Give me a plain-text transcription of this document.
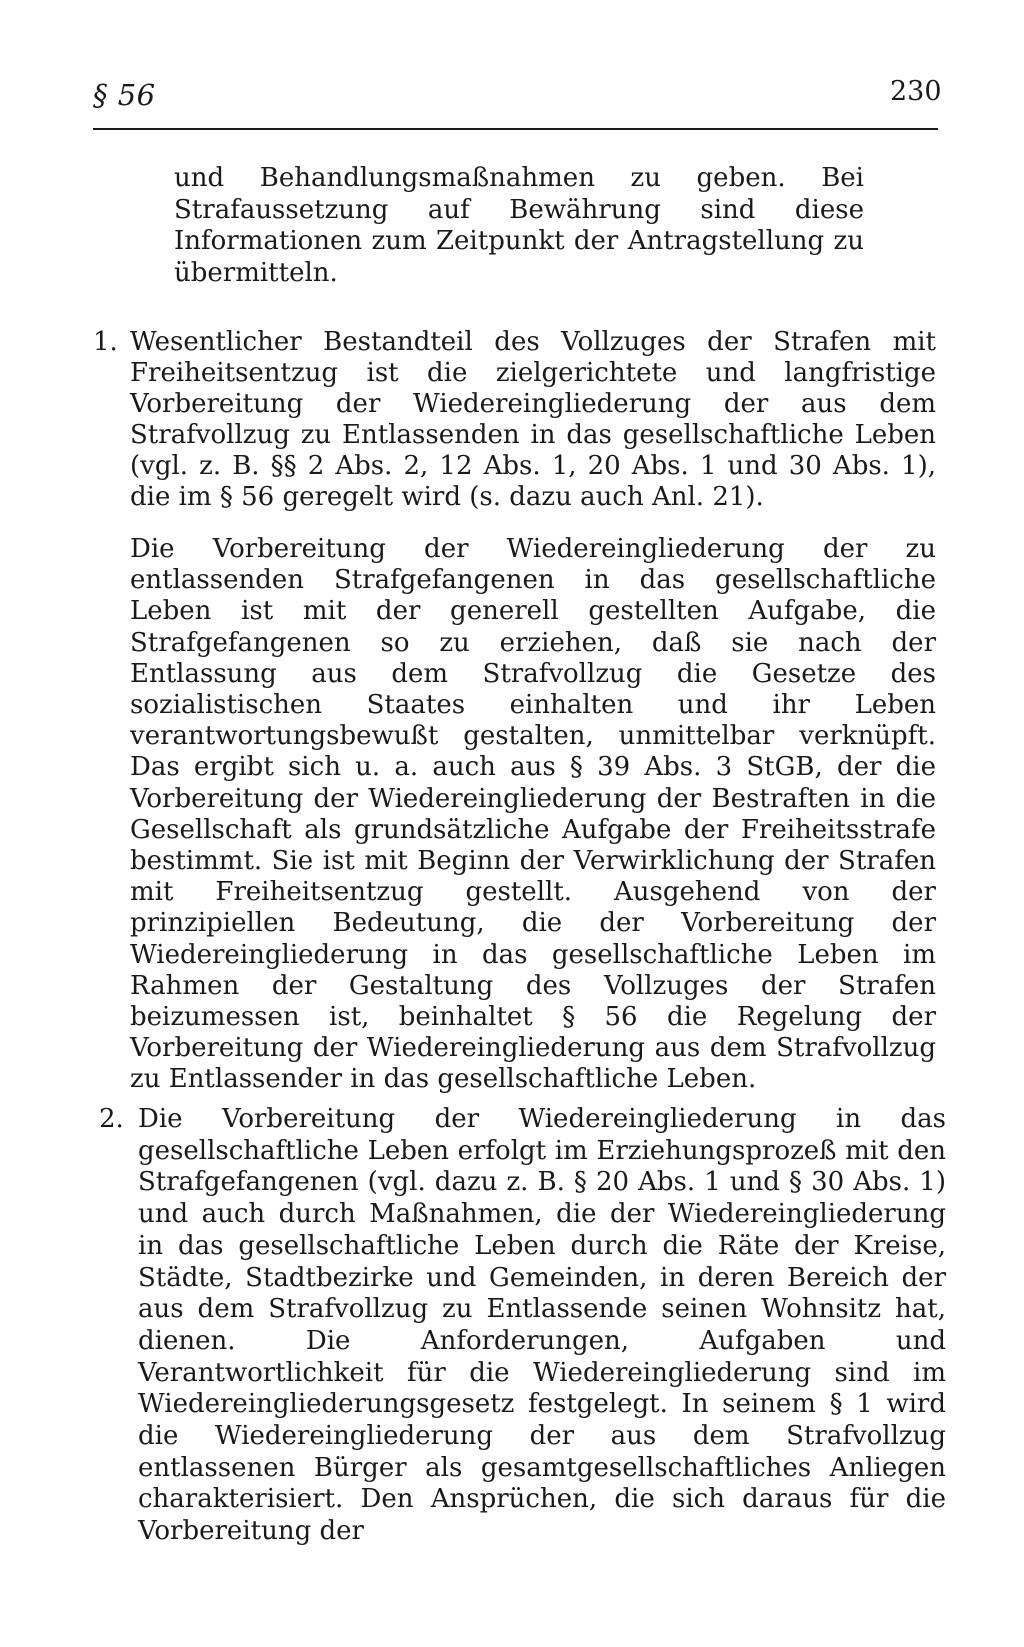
§ 56	230

und Behandlungsmaßnahmen zu geben. Bei Strafaussetzung auf Bewährung sind diese Informationen zum Zeitpunkt der Antragstellung zu übermitteln.

1. Wesentlicher Bestandteil des Vollzuges der Strafen mit Freiheitsentzug ist die zielgerichtete und langfristige Vorbereitung der Wiedereingliederung der aus dem Strafvollzug zu Entlassenden in das gesellschaftliche Leben (vgl. z. B. §§ 2 Abs. 2, 12 Abs. 1, 20 Abs. 1 und 30 Abs. 1), die im § 56 geregelt wird (s. dazu auch Anl. 21).

Die Vorbereitung der Wiedereingliederung der zu entlassenden Strafgefangenen in das gesellschaftliche Leben ist mit der generell gestellten Aufgabe, die Strafgefangenen so zu erziehen, daß sie nach der Entlassung aus dem Strafvollzug die Gesetze des sozialistischen Staates einhalten und ihr Leben verantwortungsbewußt gestalten, unmittelbar verknüpft. Das ergibt sich u. a. auch aus § 39 Abs. 3 StGB, der die Vorbereitung der Wiedereingliederung der Bestraften in die Gesellschaft als grundsätzliche Aufgabe der Freiheitsstrafe bestimmt. Sie ist mit Beginn der Verwirklichung der Strafen mit Freiheitsentzug gestellt. Ausgehend von der prinzipiellen Bedeutung, die der Vorbereitung der Wiedereingliederung in das gesellschaftliche Leben im Rahmen der Gestaltung des Vollzuges der Strafen beizumessen ist, beinhaltet § 56 die Regelung der Vorbereitung der Wiedereingliederung aus dem Strafvollzug zu Entlassender in das gesellschaftliche Leben.

2. Die Vorbereitung der Wiedereingliederung in das gesellschaftliche Leben erfolgt im Erziehungsprozeß mit den Strafgefangenen (vgl. dazu z. B. § 20 Abs. 1 und § 30 Abs. 1) und auch durch Maßnahmen, die der Wiedereingliederung in das gesellschaftliche Leben durch die Räte der Kreise, Städte, Stadtbezirke und Gemeinden, in deren Bereich der aus dem Strafvollzug zu Entlassende seinen Wohnsitz hat, dienen. Die Anforderungen, Aufgaben und Verantwortlichkeit für die Wiedereingliederung sind im Wiedereingliederungsgesetz festgelegt. In seinem § 1 wird die Wiedereingliederung der aus dem Strafvollzug entlassenen Bürger als gesamtgesellschaftliches Anliegen charakterisiert. Den Ansprüchen, die sich daraus für die Vorbereitung der
